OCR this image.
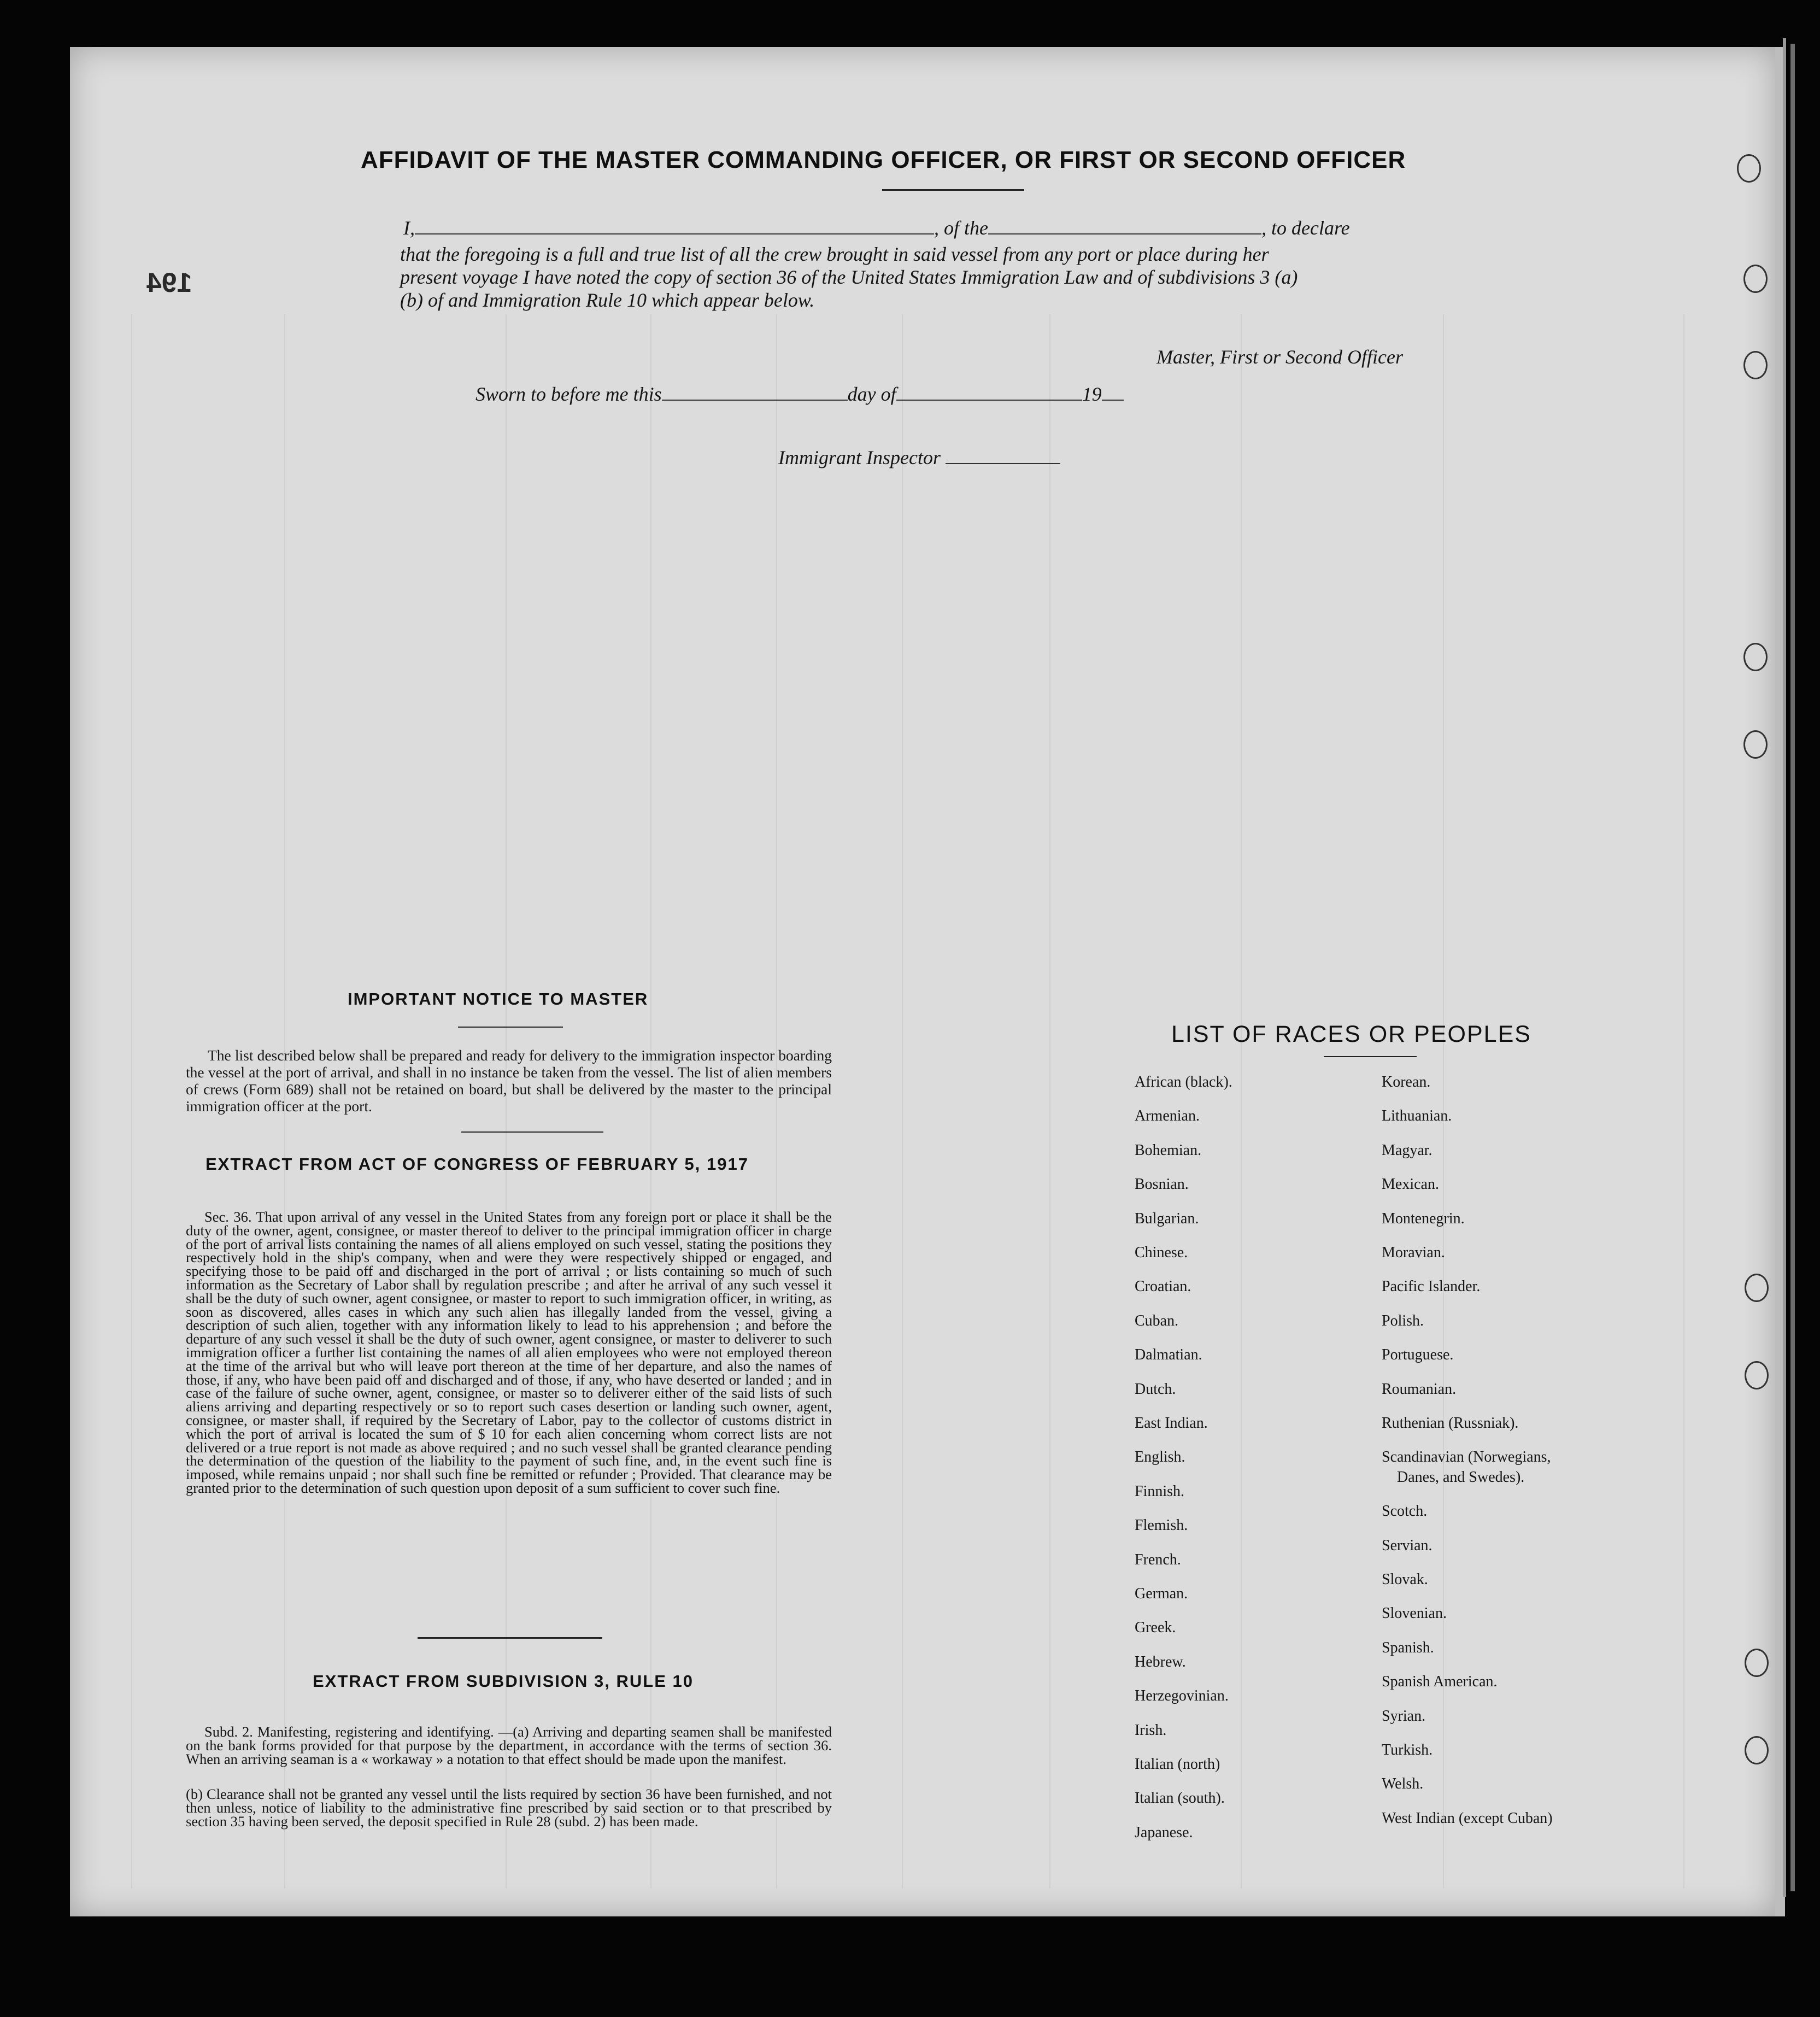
194
AFFIDAVIT OF THE MASTER COMMANDING OFFICER, OR FIRST OR SECOND OFFICER
I,	, of the	, to declare
that the foregoing is a full and true list of all the crew brought in said vessel from any port or place during her
present voyage I have noted the copy of section 36 of the United States Immigration Law and of subdivisions 3 (a)
(b) of and Immigration Rule 10 which appear below.
Master, First or Second Officer
Sworn to before me this	day of	19
Immigrant Inspector
IMPORTANT NOTICE TO MASTER
The list described below shall be prepared and ready for delivery to the immigration inspector boarding the vessel at the port of arrival, and shall in no instance be taken from the vessel. The list of alien members of crews (Form 689) shall not be retained on board, but shall be delivered by the master to the principal immigration officer at the port.
EXTRACT FROM ACT OF CONGRESS OF FEBRUARY 5, 1917
Sec. 36. That upon arrival of any vessel in the United States from any foreign port or place it shall be the duty of the owner, agent, consignee, or master thereof to deliver to the principal immigration officer in charge of the port of arrival lists containing the names of all aliens employed on such vessel, stating the positions they respectively hold in the ship's company, when and were they were respectively shipped or engaged, and specifying those to be paid off and discharged in the port of arrival ; or lists containing so much of such information as the Secretary of Labor shall by regulation prescribe ; and after he arrival of any such vessel it shall be the duty of such owner, agent consignee, or master to report to such immigration officer, in writing, as soon as discovered, alles cases in which any such alien has illegally landed from the vessel, giving a description of such alien, together with any information likely to lead to his apprehension ; and before the departure of any such vessel it shall be the duty of such owner, agent consignee, or master to deliverer to such immigration officer a further list containing the names of all alien employees who were not employed thereon at the time of the arrival but who will leave port thereon at the time of her departure, and also the names of those, if any, who have been paid off and discharged and of those, if any, who have deserted or landed ; and in case of the failure of suche owner, agent, consignee, or master so to deliverer either of the said lists of such aliens arriving and departing respectively or so to report such cases desertion or landing such owner, agent, consignee, or master shall, if required by the Secretary of Labor, pay to the collector of customs district in which the port of arrival is located the sum of $ 10 for each alien concerning whom correct lists are not delivered or a true report is not made as above required ; and no such vessel shall be granted clearance pending the determination of the question of the liability to the payment of such fine, and, in the event such fine is imposed, while remains unpaid ; nor shall such fine be remitted or refunder ; Provided. That clearance may be granted prior to the determination of such question upon deposit of a sum sufficient to cover such fine.
EXTRACT FROM SUBDIVISION 3, RULE 10
Subd. 2. Manifesting, registering and identifying. —(a) Arriving and departing seamen shall be manifested on the bank forms provided for that purpose by the department, in accordance with the terms of section 36. When an arriving seaman is a « workaway » a notation to that effect should be made upon the manifest.
(b) Clearance shall not be granted any vessel until the lists required by section 36 have been furnished, and not then unless, notice of liability to the administrative fine prescribed by said section or to that prescribed by section 35 having been served, the deposit specified in Rule 28 (subd. 2) has been made.
LIST OF RACES OR PEOPLES
African (black).
Armenian.
Bohemian.
Bosnian.
Bulgarian.
Chinese.
Croatian.
Cuban.
Dalmatian.
Dutch.
East Indian.
English.
Finnish.
Flemish.
French.
German.
Greek.
Hebrew.
Herzegovinian.
Irish.
Italian (north)
Italian (south).
Japanese.
Korean.
Lithuanian.
Magyar.
Mexican.
Montenegrin.
Moravian.
Pacific Islander.
Polish.
Portuguese.
Roumanian.
Ruthenian (Russniak).
Scandinavian (Norwegians,
Danes, and Swedes).
Scotch.
Servian.
Slovak.
Slovenian.
Spanish.
Spanish American.
Syrian.
Turkish.
Welsh.
West Indian (except Cuban)
